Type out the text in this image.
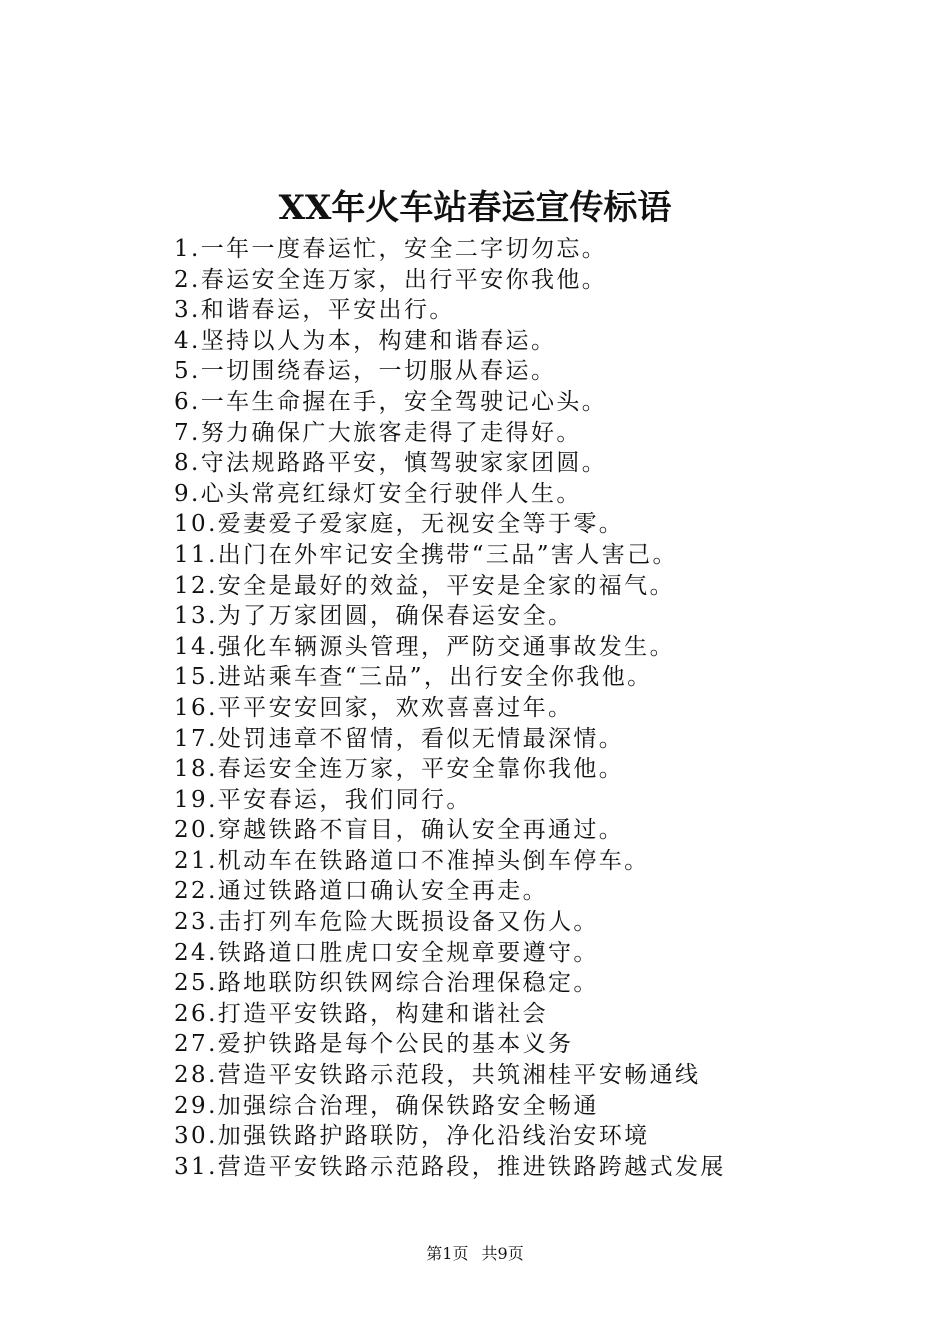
XX年火车站春运宣传标语
1.一年一度春运忙，安全二字切勿忘。
2.春运安全连万家，出行平安你我他。
3.和谐春运，平安出行。
4.坚持以人为本，构建和谐春运。
5.一切围绕春运，一切服从春运。
6.一车生命握在手，安全驾驶记心头。
7.努力确保广大旅客走得了走得好。
8.守法规路路平安，慎驾驶家家团圆。
9.心头常亮红绿灯安全行驶伴人生。
10.爱妻爱子爱家庭，无视安全等于零。
11.出门在外牢记安全携带“三品”害人害己。
12.安全是最好的效益，平安是全家的福气。
13.为了万家团圆，确保春运安全。
14.强化车辆源头管理，严防交通事故发生。
15.进站乘车查“三品”，出行安全你我他。
16.平平安安回家，欢欢喜喜过年。
17.处罚违章不留情，看似无情最深情。
18.春运安全连万家，平安全靠你我他。
19.平安春运，我们同行。
20.穿越铁路不盲目，确认安全再通过。
21.机动车在铁路道口不准掉头倒车停车。
22.通过铁路道口确认安全再走。
23.击打列车危险大既损设备又伤人。
24.铁路道口胜虎口安全规章要遵守。
25.路地联防织铁网综合治理保稳定。
26.打造平安铁路，构建和谐社会
27.爱护铁路是每个公民的基本义务
28.营造平安铁路示范段，共筑湘桂平安畅通线
29.加强综合治理，确保铁路安全畅通
30.加强铁路护路联防，净化沿线治安环境
31.营造平安铁路示范路段，推进铁路跨越式发展
第1页 共9页
